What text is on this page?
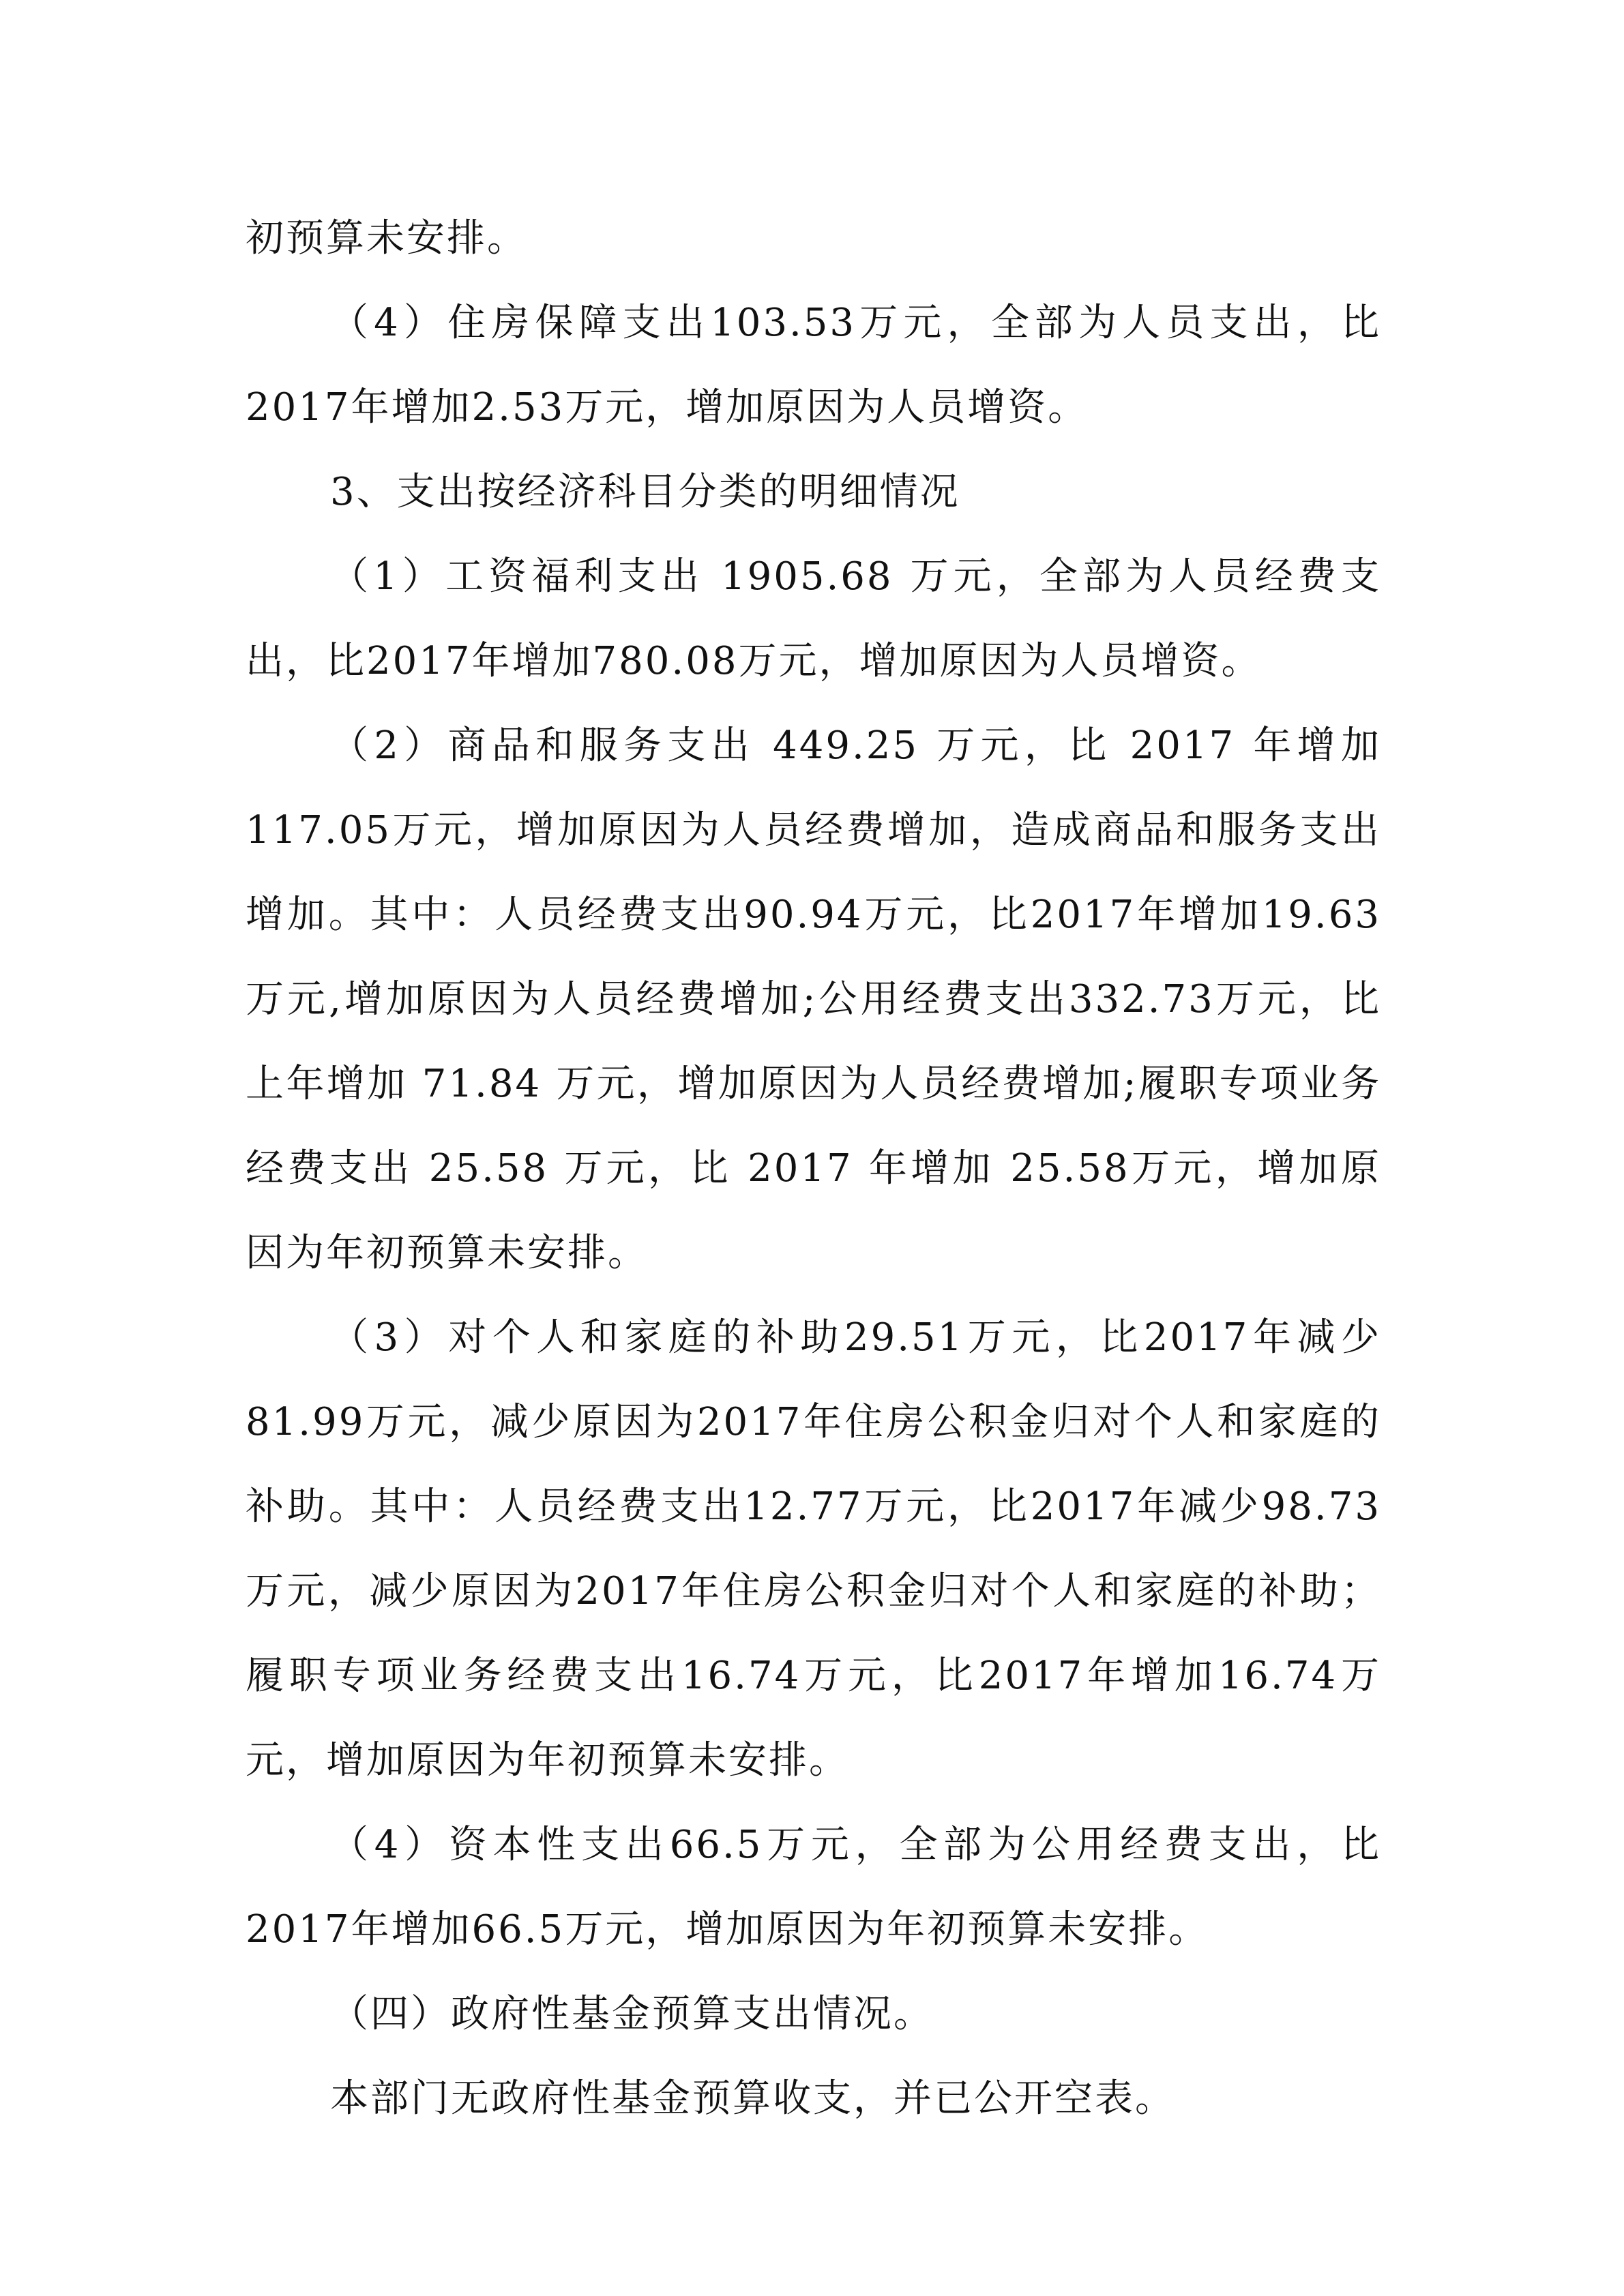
初预算未安排。

（4）住房保障支出103.53万元，全部为人员支出，比2017年增加2.53万元，增加原因为人员增资。

3、支出按经济科目分类的明细情况

（1）工资福利支出 1905.68 万元，全部为人员经费支出，比2017年增加780.08万元，增加原因为人员增资。

（2）商品和服务支出 449.25 万元，比 2017 年增加117.05万元，增加原因为人员经费增加，造成商品和服务支出增加。其中：人员经费支出90.94万元，比2017年增加19.63万元,增加原因为人员经费增加;公用经费支出332.73万元，比上年增加 71.84 万元，增加原因为人员经费增加;履职专项业务经费支出 25.58 万元，比 2017 年增加 25.58万元，增加原因为年初预算未安排。

（3）对个人和家庭的补助29.51万元，比2017年减少81.99万元，减少原因为2017年住房公积金归对个人和家庭的补助。其中：人员经费支出12.77万元，比2017年减少98.73万元，减少原因为2017年住房公积金归对个人和家庭的补助；履职专项业务经费支出16.74万元，比2017年增加16.74万元，增加原因为年初预算未安排。

（4）资本性支出66.5万元，全部为公用经费支出，比2017年增加66.5万元，增加原因为年初预算未安排。

（四）政府性基金预算支出情况。

本部门无政府性基金预算收支，并已公开空表。
